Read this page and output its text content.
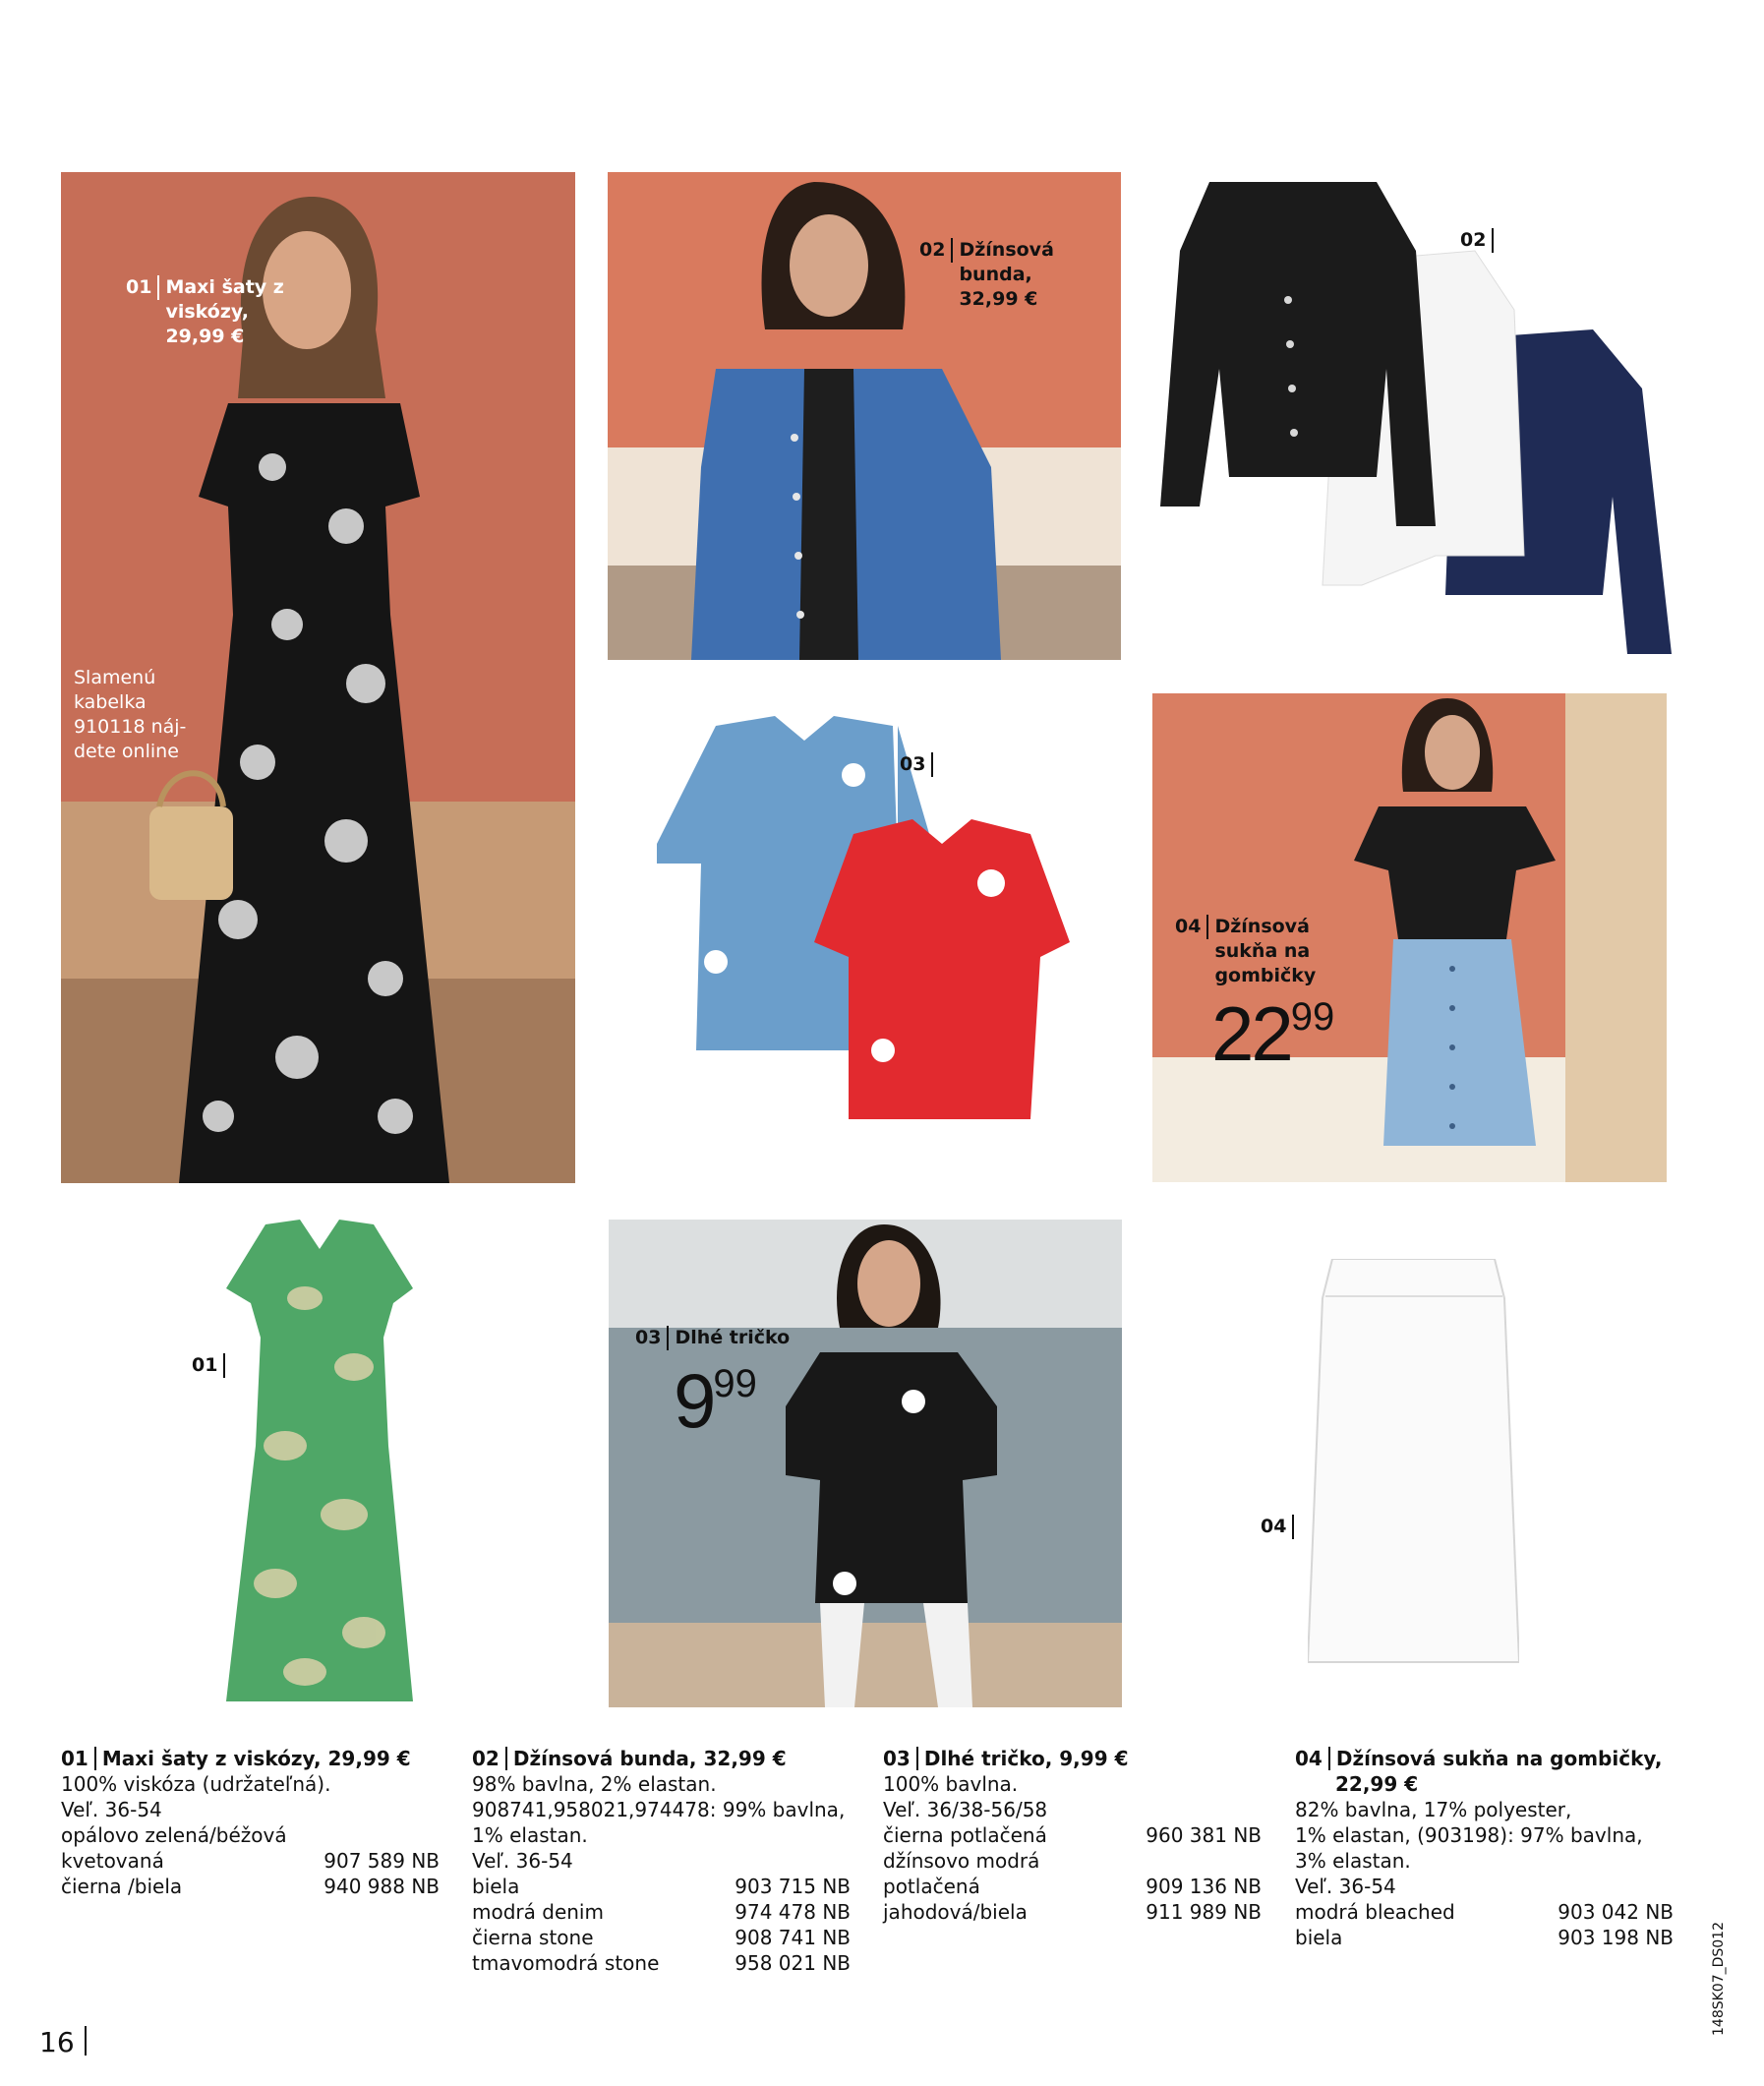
01 Maxi šaty z viskózy, 29,99 €
Slamenú
kabelka
910118 náj-
dete online
02 Džínsová bunda, 32,99 €
02
03
04 Džínsová sukňa na gombičky
2299
01
03 Dlhé tričko
999
04
01 Maxi šaty z viskózy, 29,99 €
100% viskóza (udržateľná).
Veľ. 36-54
opálovo zelená/béžová kvetovaná	907 589 NB
čierna /biela	940 988 NB
02 Džínsová bunda, 32,99 €
98% bavlna, 2% elastan.
908741,958021,974478: 99% bavlna,
1% elastan.
Veľ. 36-54
biela	903 715 NB
modrá denim	974 478 NB
čierna stone	908 741 NB
tmavomodrá stone	958 021 NB
03 Dlhé tričko, 9,99 €
100% bavlna.
Veľ. 36/38-56/58
čierna potlačená	960 381 NB
džínsovo modrá potlačená	909 136 NB
jahodová/biela	911 989 NB
04 Džínsová sukňa na gombičky,
22,99 €
82% bavlna, 17% polyester,
1% elastan, (903198): 97% bavlna,
3% elastan.
Veľ. 36-54
modrá bleached	903 042 NB
biela	903 198 NB
16
148SK07_DS012
